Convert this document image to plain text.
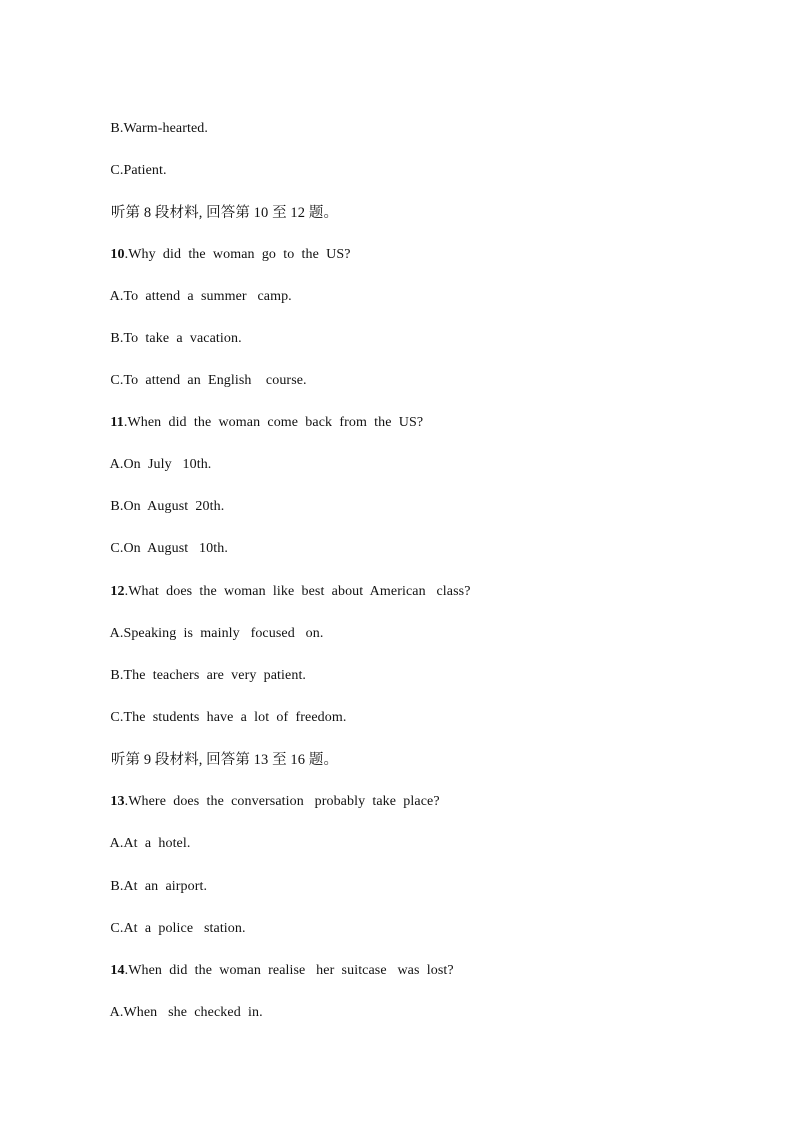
B.Warm-hearted.

C.Patient.

听第 8 段材料, 回答第 10 至 12 题。

10.Why  did  the  woman  go  to  the  US?

A.To  attend  a  summer   camp.

B.To  take  a  vacation.

C.To  attend  an  English    course.

11.When  did  the  woman  come  back  from  the  US?

A.On  July   10th.

B.On  August  20th.

C.On  August   10th.

12.What  does  the  woman  like  best  about  American   class?

A.Speaking  is  mainly   focused   on.

B.The  teachers  are  very  patient.

C.The  students  have  a  lot  of  freedom.

听第 9 段材料, 回答第 13 至 16 题。

13.Where  does  the  conversation   probably  take  place?

A.At  a  hotel.

B.At  an  airport.

C.At  a  police   station.

14.When  did  the  woman  realise   her  suitcase   was  lost?

A.When   she  checked  in.
